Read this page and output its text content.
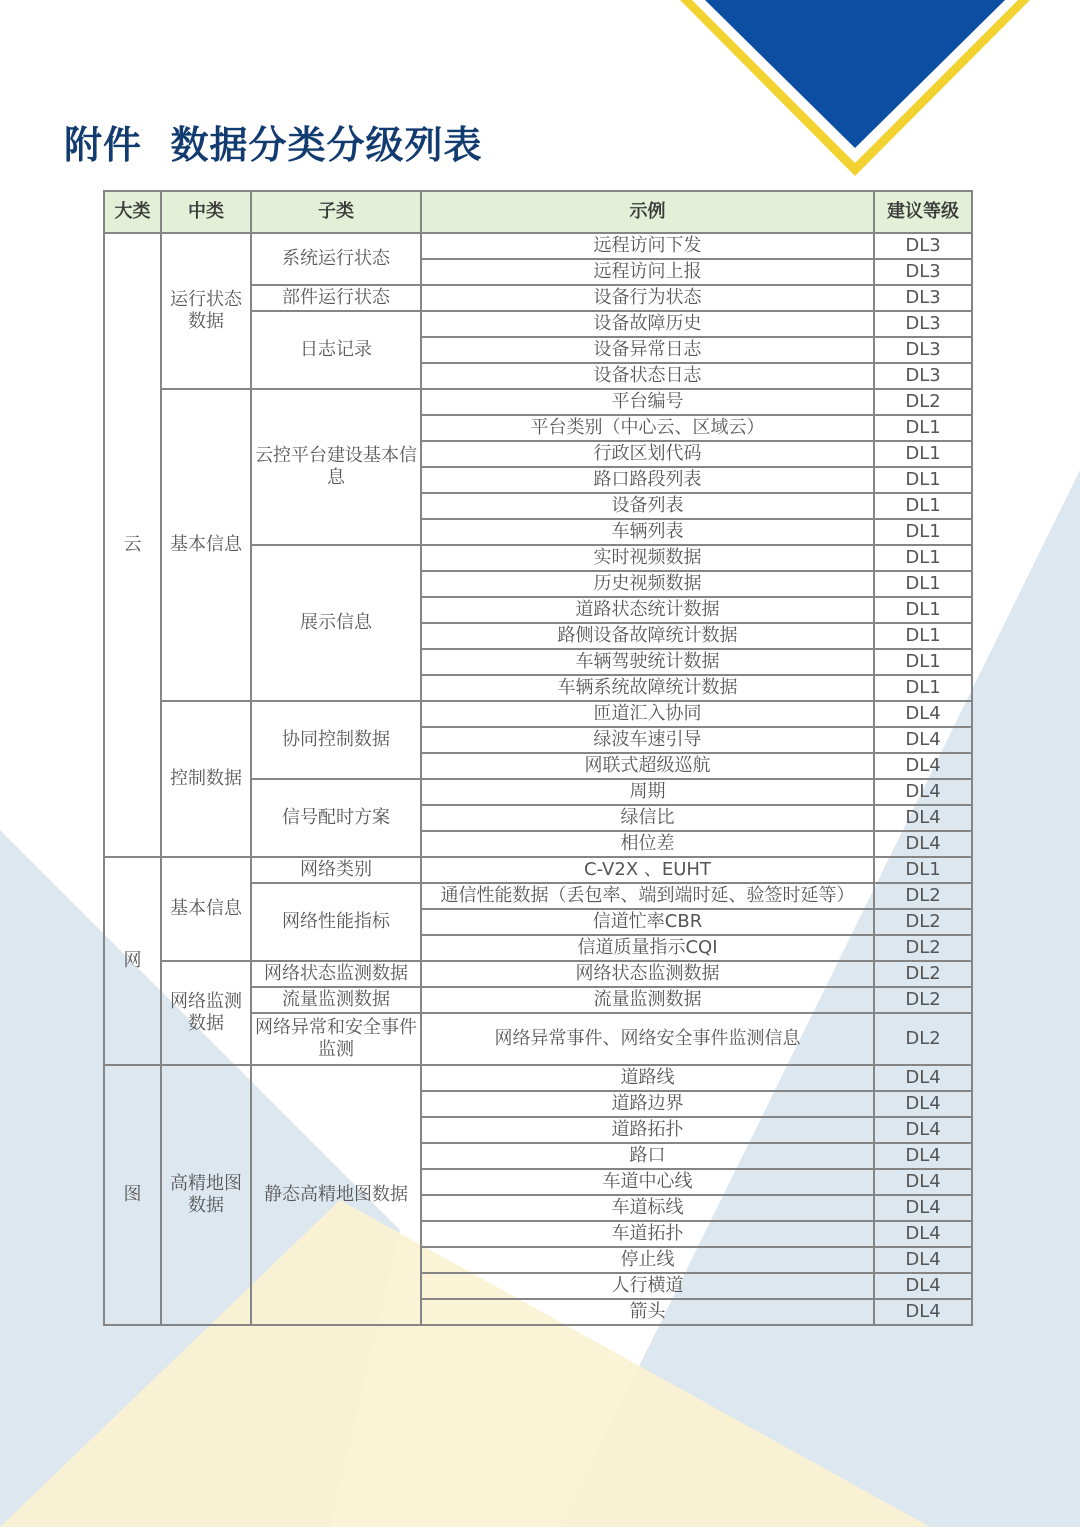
附件  数据分类分级列表
大类	中类	子类	示例	建议等级
云	运行状态数据	系统运行状态	远程访问下发	DL3
			远程访问上报	DL3
		部件运行状态	设备行为状态	DL3
		日志记录	设备故障历史	DL3
			设备异常日志	DL3
			设备状态日志	DL3
	基本信息	云控平台建设基本信息	平台编号	DL2
			平台类别（中心云、区域云）	DL1
			行政区划代码	DL1
			路口路段列表	DL1
			设备列表	DL1
			车辆列表	DL1
		展示信息	实时视频数据	DL1
			历史视频数据	DL1
			道路状态统计数据	DL1
			路侧设备故障统计数据	DL1
			车辆驾驶统计数据	DL1
			车辆系统故障统计数据	DL1
	控制数据	协同控制数据	匝道汇入协同	DL4
			绿波车速引导	DL4
			网联式超级巡航	DL4
		信号配时方案	周期	DL4
			绿信比	DL4
			相位差	DL4
网	基本信息	网络类别	C-V2X 、EUHT	DL1
		网络性能指标	通信性能数据（丢包率、端到端时延、验签时延等）	DL2
			信道忙率CBR	DL2
			信道质量指示CQI	DL2
	网络监测数据	网络状态监测数据	网络状态监测数据	DL2
		流量监测数据	流量监测数据	DL2
		网络异常和安全事件监测	网络异常事件、网络安全事件监测信息	DL2
图	高精地图数据	静态高精地图数据	道路线	DL4
			道路边界	DL4
			道路拓扑	DL4
			路口	DL4
			车道中心线	DL4
			车道标线	DL4
			车道拓扑	DL4
			停止线	DL4
			人行横道	DL4
			箭头	DL4
